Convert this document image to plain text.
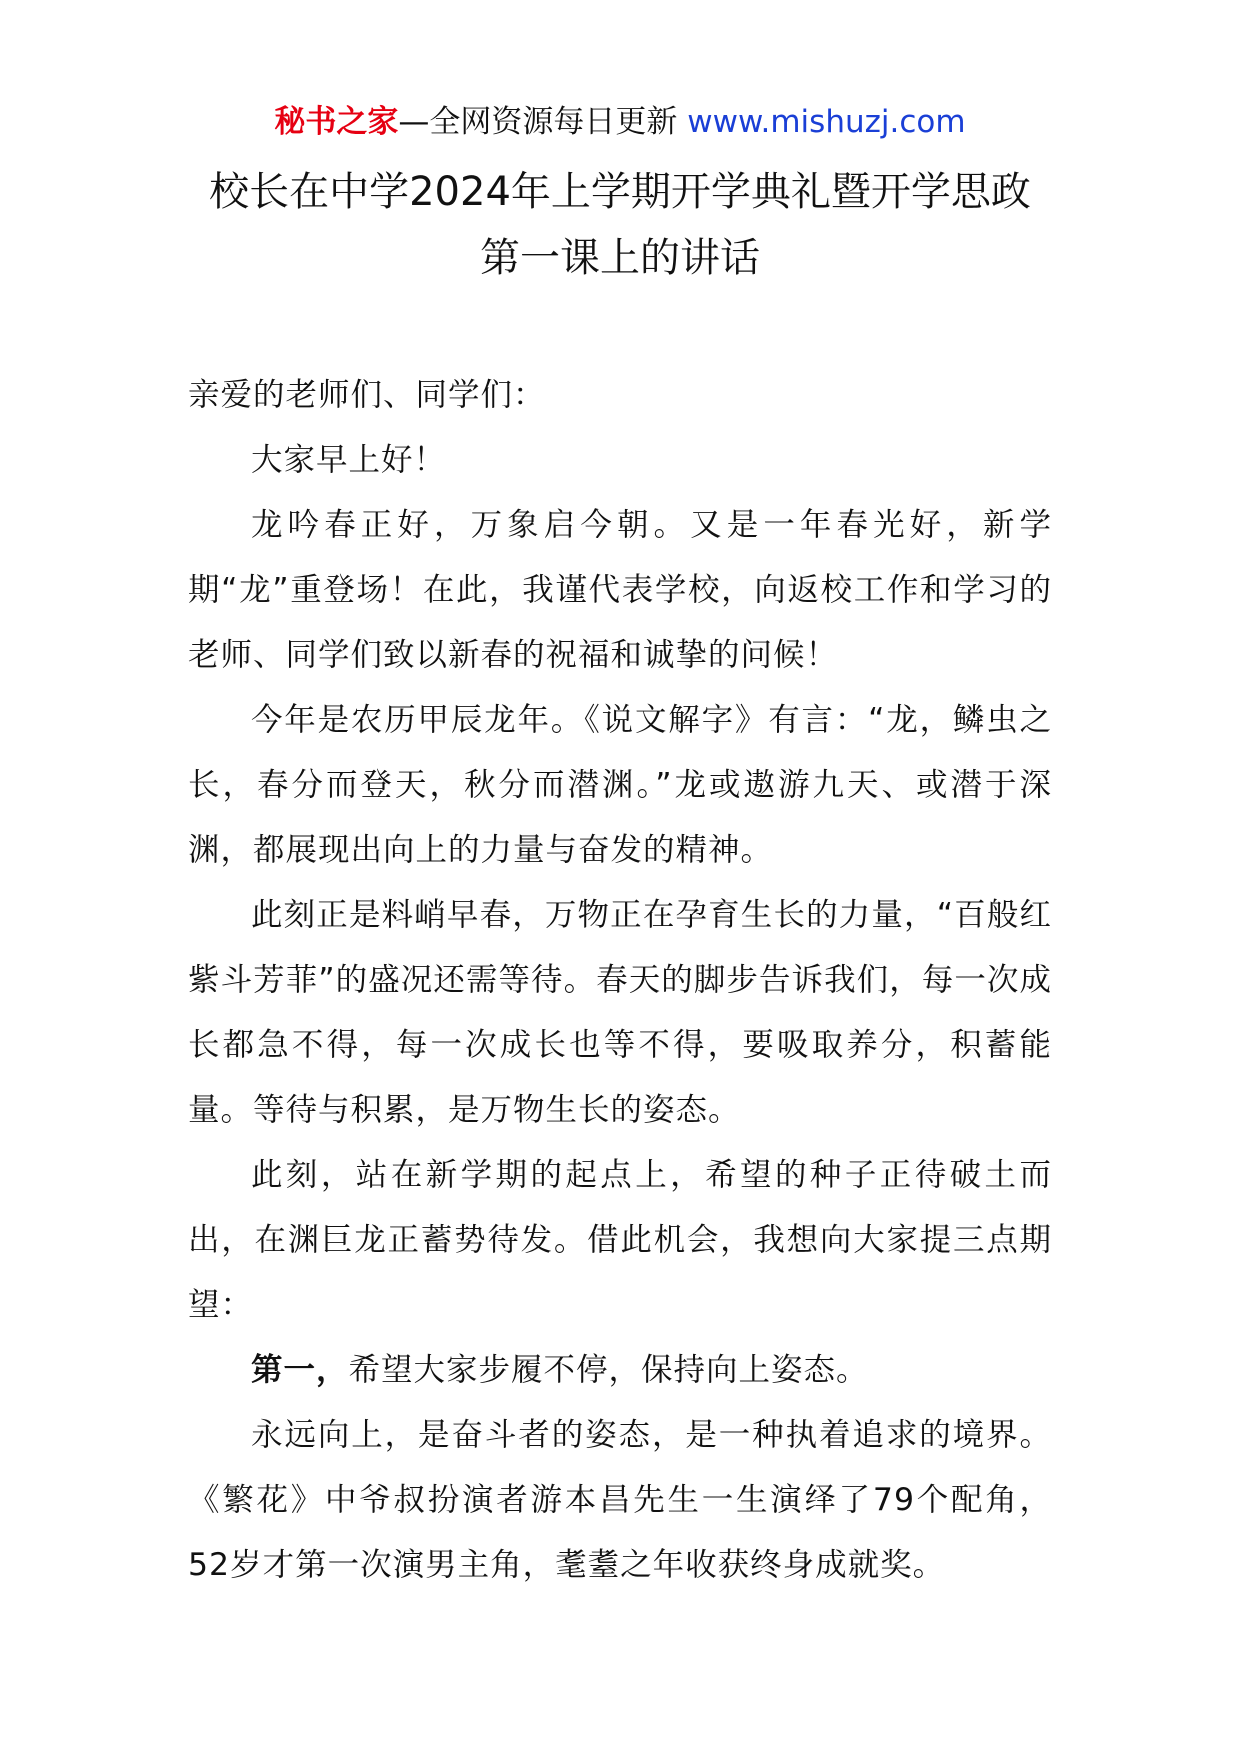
秘书之家—全网资源每日更新 www.mishuzj.com
校长在中学2024年上学期开学典礼暨开学思政
第一课上的讲话

亲爱的老师们、同学们：

大家早上好！

龙吟春正好，万象启今朝。又是一年春光好，新学期“龙”重登场！在此，我谨代表学校，向返校工作和学习的老师、同学们致以新春的祝福和诚挚的问候！

今年是农历甲辰龙年。《说文解字》有言：“龙，鳞虫之长，春分而登天，秋分而潜渊。”龙或遨游九天、或潜于深渊，都展现出向上的力量与奋发的精神。

此刻正是料峭早春，万物正在孕育生长的力量，“百般红紫斗芳菲”的盛况还需等待。春天的脚步告诉我们，每一次成长都急不得，每一次成长也等不得，要吸取养分，积蓄能量。等待与积累，是万物生长的姿态。

此刻，站在新学期的起点上，希望的种子正待破土而出，在渊巨龙正蓄势待发。借此机会，我想向大家提三点期望：

第一，希望大家步履不停，保持向上姿态。

永远向上，是奋斗者的姿态，是一种执着追求的境界。《繁花》中爷叔扮演者游本昌先生一生演绎了79个配角，52岁才第一次演男主角，耄耋之年收获终身成就奖。
